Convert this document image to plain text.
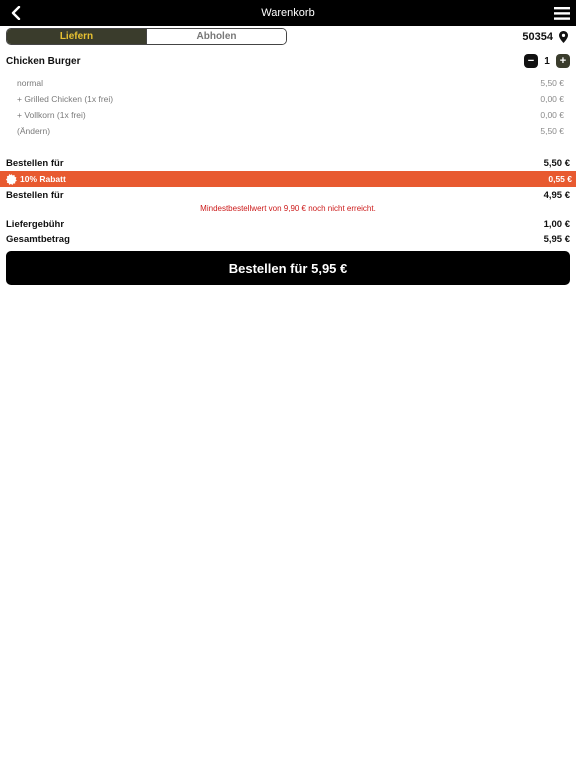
Warenkorb
Liefern	Abholen	50354
Chicken Burger	−	1 +
normal	5,50 €
+ Grilled Chicken (1x frei)	0,00 €
+ Vollkorn (1x frei)	0,00 €
(Ändern)	5,50 €
Bestellen für	5,50 €
10% Rabatt	0,55 €
Bestellen für	4,95 €
Mindestbestellwert von 9,90 € noch nicht erreicht.
Liefergebühr	1,00 €
Gesamtbetrag	5,95 €
Bestellen für 5,95 €
